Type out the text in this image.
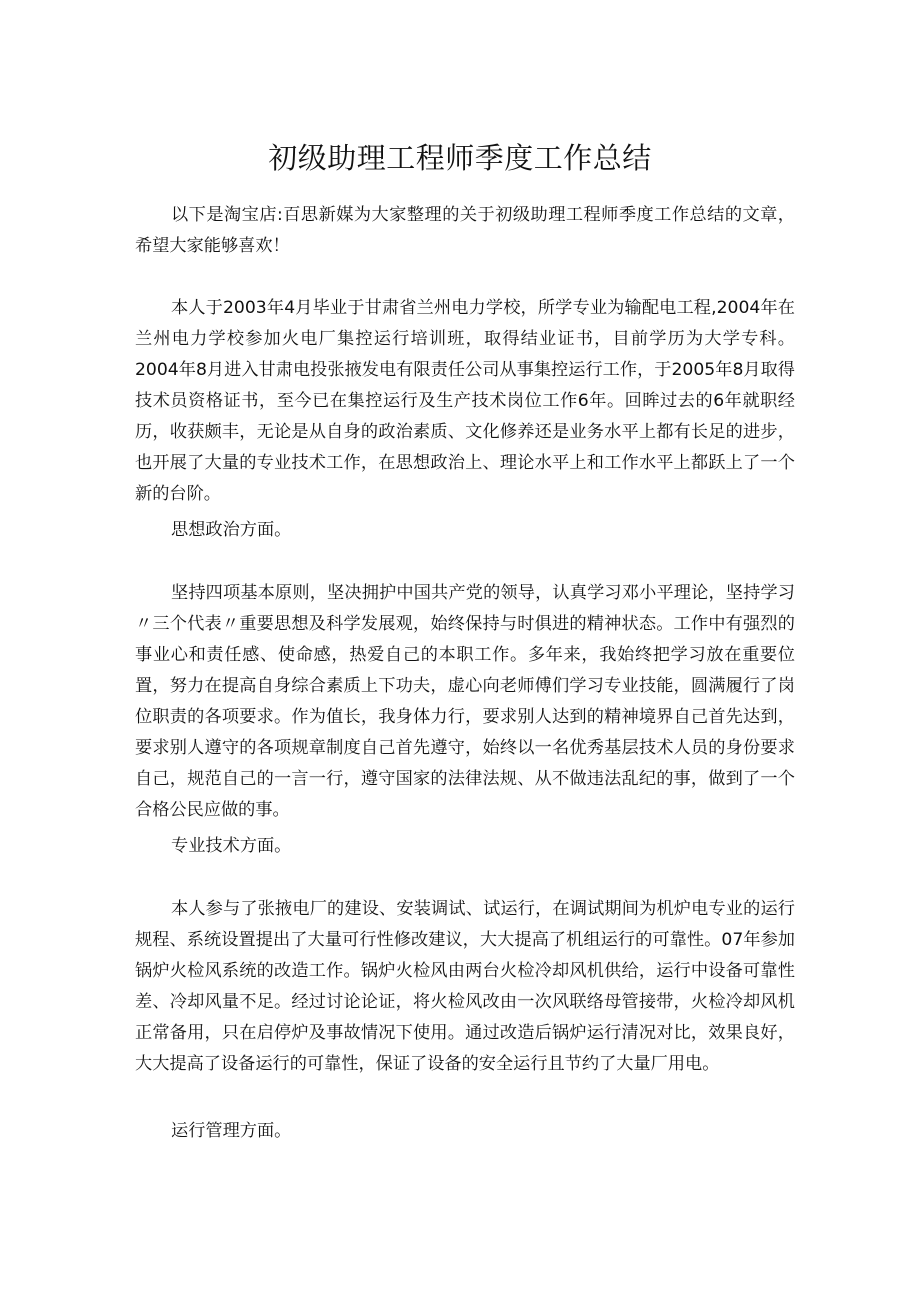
初级助理工程师季度工作总结

以下是淘宝店:百思新媒为大家整理的关于初级助理工程师季度工作总结的文章，希望大家能够喜欢！

本人于2003年4月毕业于甘肃省兰州电力学校，所学专业为输配电工程,2004年在兰州电力学校参加火电厂集控运行培训班，取得结业证书，目前学历为大学专科。2004年8月进入甘肃电投张掖发电有限责任公司从事集控运行工作，于2005年8月取得技术员资格证书，至今已在集控运行及生产技术岗位工作6年。回眸过去的6年就职经历，收获颇丰，无论是从自身的政治素质、文化修养还是业务水平上都有长足的进步，也开展了大量的专业技术工作，在思想政治上、理论水平上和工作水平上都跃上了一个新的台阶。

思想政治方面。

坚持四项基本原则，坚决拥护中国共产党的领导，认真学习邓小平理论，坚持学习〃三个代表〃重要思想及科学发展观，始终保持与时俱进的精神状态。工作中有强烈的事业心和责任感、使命感，热爱自己的本职工作。多年来，我始终把学习放在重要位置，努力在提高自身综合素质上下功夫，虚心向老师傅们学习专业技能，圆满履行了岗位职责的各项要求。作为值长，我身体力行，要求别人达到的精神境界自己首先达到，要求别人遵守的各项规章制度自己首先遵守，始终以一名优秀基层技术人员的身份要求自己，规范自己的一言一行，遵守国家的法律法规、从不做违法乱纪的事，做到了一个合格公民应做的事。

专业技术方面。

本人参与了张掖电厂的建设、安装调试、试运行，在调试期间为机炉电专业的运行规程、系统设置提出了大量可行性修改建议，大大提高了机组运行的可靠性。07年参加锅炉火检风系统的改造工作。锅炉火检风由两台火检冷却风机供给，运行中设备可靠性差、冷却风量不足。经过讨论论证，将火检风改由一次风联络母管接带，火检冷却风机正常备用，只在启停炉及事故情况下使用。通过改造后锅炉运行清况对比，效果良好，大大提高了设备运行的可靠性，保证了设备的安全运行且节约了大量厂用电。

运行管理方面。
